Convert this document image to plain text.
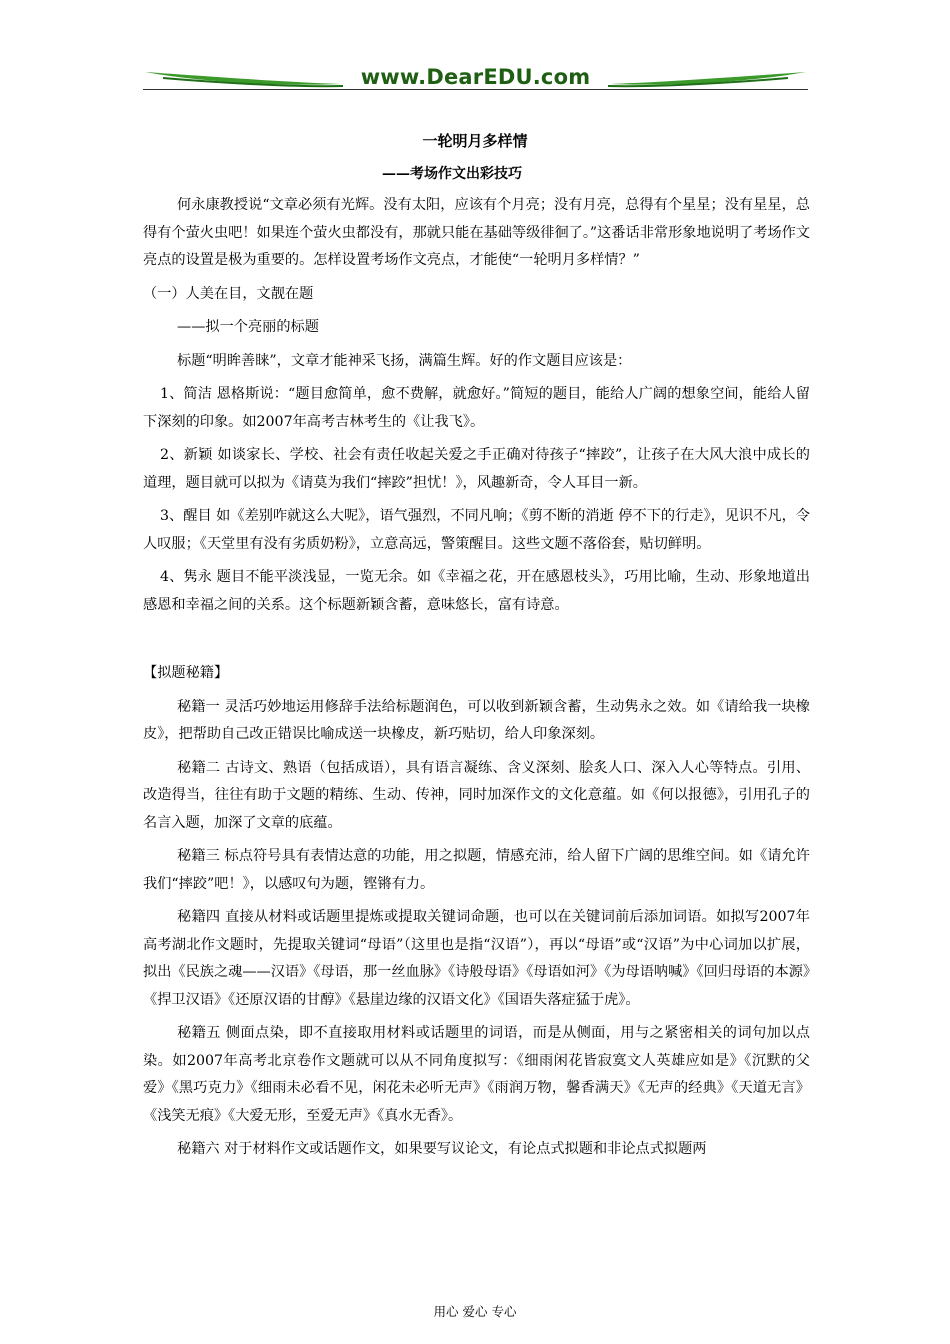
www.DearEDU.com
一轮明月多样情
——考场作文出彩技巧

何永康教授说“文章必须有光辉。没有太阳，应该有个月亮；没有月亮，总得有个星星；没有星星，总得有个萤火虫吧！如果连个萤火虫都没有，那就只能在基础等级徘徊了。”这番话非常形象地说明了考场作文亮点的设置是极为重要的。怎样设置考场作文亮点，才能使“一轮明月多样情？”

（一）人美在目，文靓在题

——拟一个亮丽的标题

标题“明眸善睐”，文章才能神采飞扬，满篇生辉。好的作文题目应该是：

1、简洁 恩格斯说：“题目愈简单，愈不费解，就愈好。”简短的题目，能给人广阔的想象空间，能给人留下深刻的印象。如2007年高考吉林考生的《让我飞》。

2、新颖 如谈家长、学校、社会有责任收起关爱之手正确对待孩子“摔跤”，让孩子在大风大浪中成长的道理，题目就可以拟为《请莫为我们“摔跤”担忧！》，风趣新奇，令人耳目一新。

3、醒目 如《差别咋就这么大呢》，语气强烈，不同凡响；《剪不断的消逝 停不下的行走》，见识不凡，令人叹服；《天堂里有没有劣质奶粉》，立意高远，警策醒目。这些文题不落俗套，贴切鲜明。

4、隽永 题目不能平淡浅显，一览无余。如《幸福之花，开在感恩枝头》，巧用比喻，生动、形象地道出感恩和幸福之间的关系。这个标题新颖含蓄，意味悠长，富有诗意。

【拟题秘籍】

秘籍一 灵活巧妙地运用修辞手法给标题润色，可以收到新颖含蓄，生动隽永之效。如《请给我一块橡皮》，把帮助自己改正错误比喻成送一块橡皮，新巧贴切，给人印象深刻。

秘籍二 古诗文、熟语（包括成语），具有语言凝练、含义深刻、脍炙人口、深入人心等特点。引用、改造得当，往往有助于文题的精练、生动、传神，同时加深作文的文化意蕴。如《何以报德》，引用孔子的名言入题，加深了文章的底蕴。

秘籍三 标点符号具有表情达意的功能，用之拟题，情感充沛，给人留下广阔的思维空间。如《请允许我们“摔跤”吧！》，以感叹句为题，铿锵有力。

秘籍四 直接从材料或话题里提炼或提取关键词命题，也可以在关键词前后添加词语。如拟写2007年高考湖北作文题时，先提取关键词“母语”（这里也是指“汉语”），再以“母语”或“汉语”为中心词加以扩展，拟出《民族之魂——汉语》《母语，那一丝血脉》《诗般母语》《母语如河》《为母语呐喊》《回归母语的本源》《捍卫汉语》《还原汉语的甘醇》《悬崖边缘的汉语文化》《国语失落症猛于虎》。

秘籍五 侧面点染，即不直接取用材料或话题里的词语，而是从侧面，用与之紧密相关的词句加以点染。如2007年高考北京卷作文题就可以从不同角度拟写：《细雨闲花皆寂寞文人英雄应如是》《沉默的父爱》《黑巧克力》《细雨未必看不见，闲花未必听无声》《雨润万物，馨香满天》《无声的经典》《天道无言》《浅笑无痕》《大爱无形，至爱无声》《真水无香》。

秘籍六 对于材料作文或话题作文，如果要写议论文，有论点式拟题和非论点式拟题两

用心 爱心 专心
